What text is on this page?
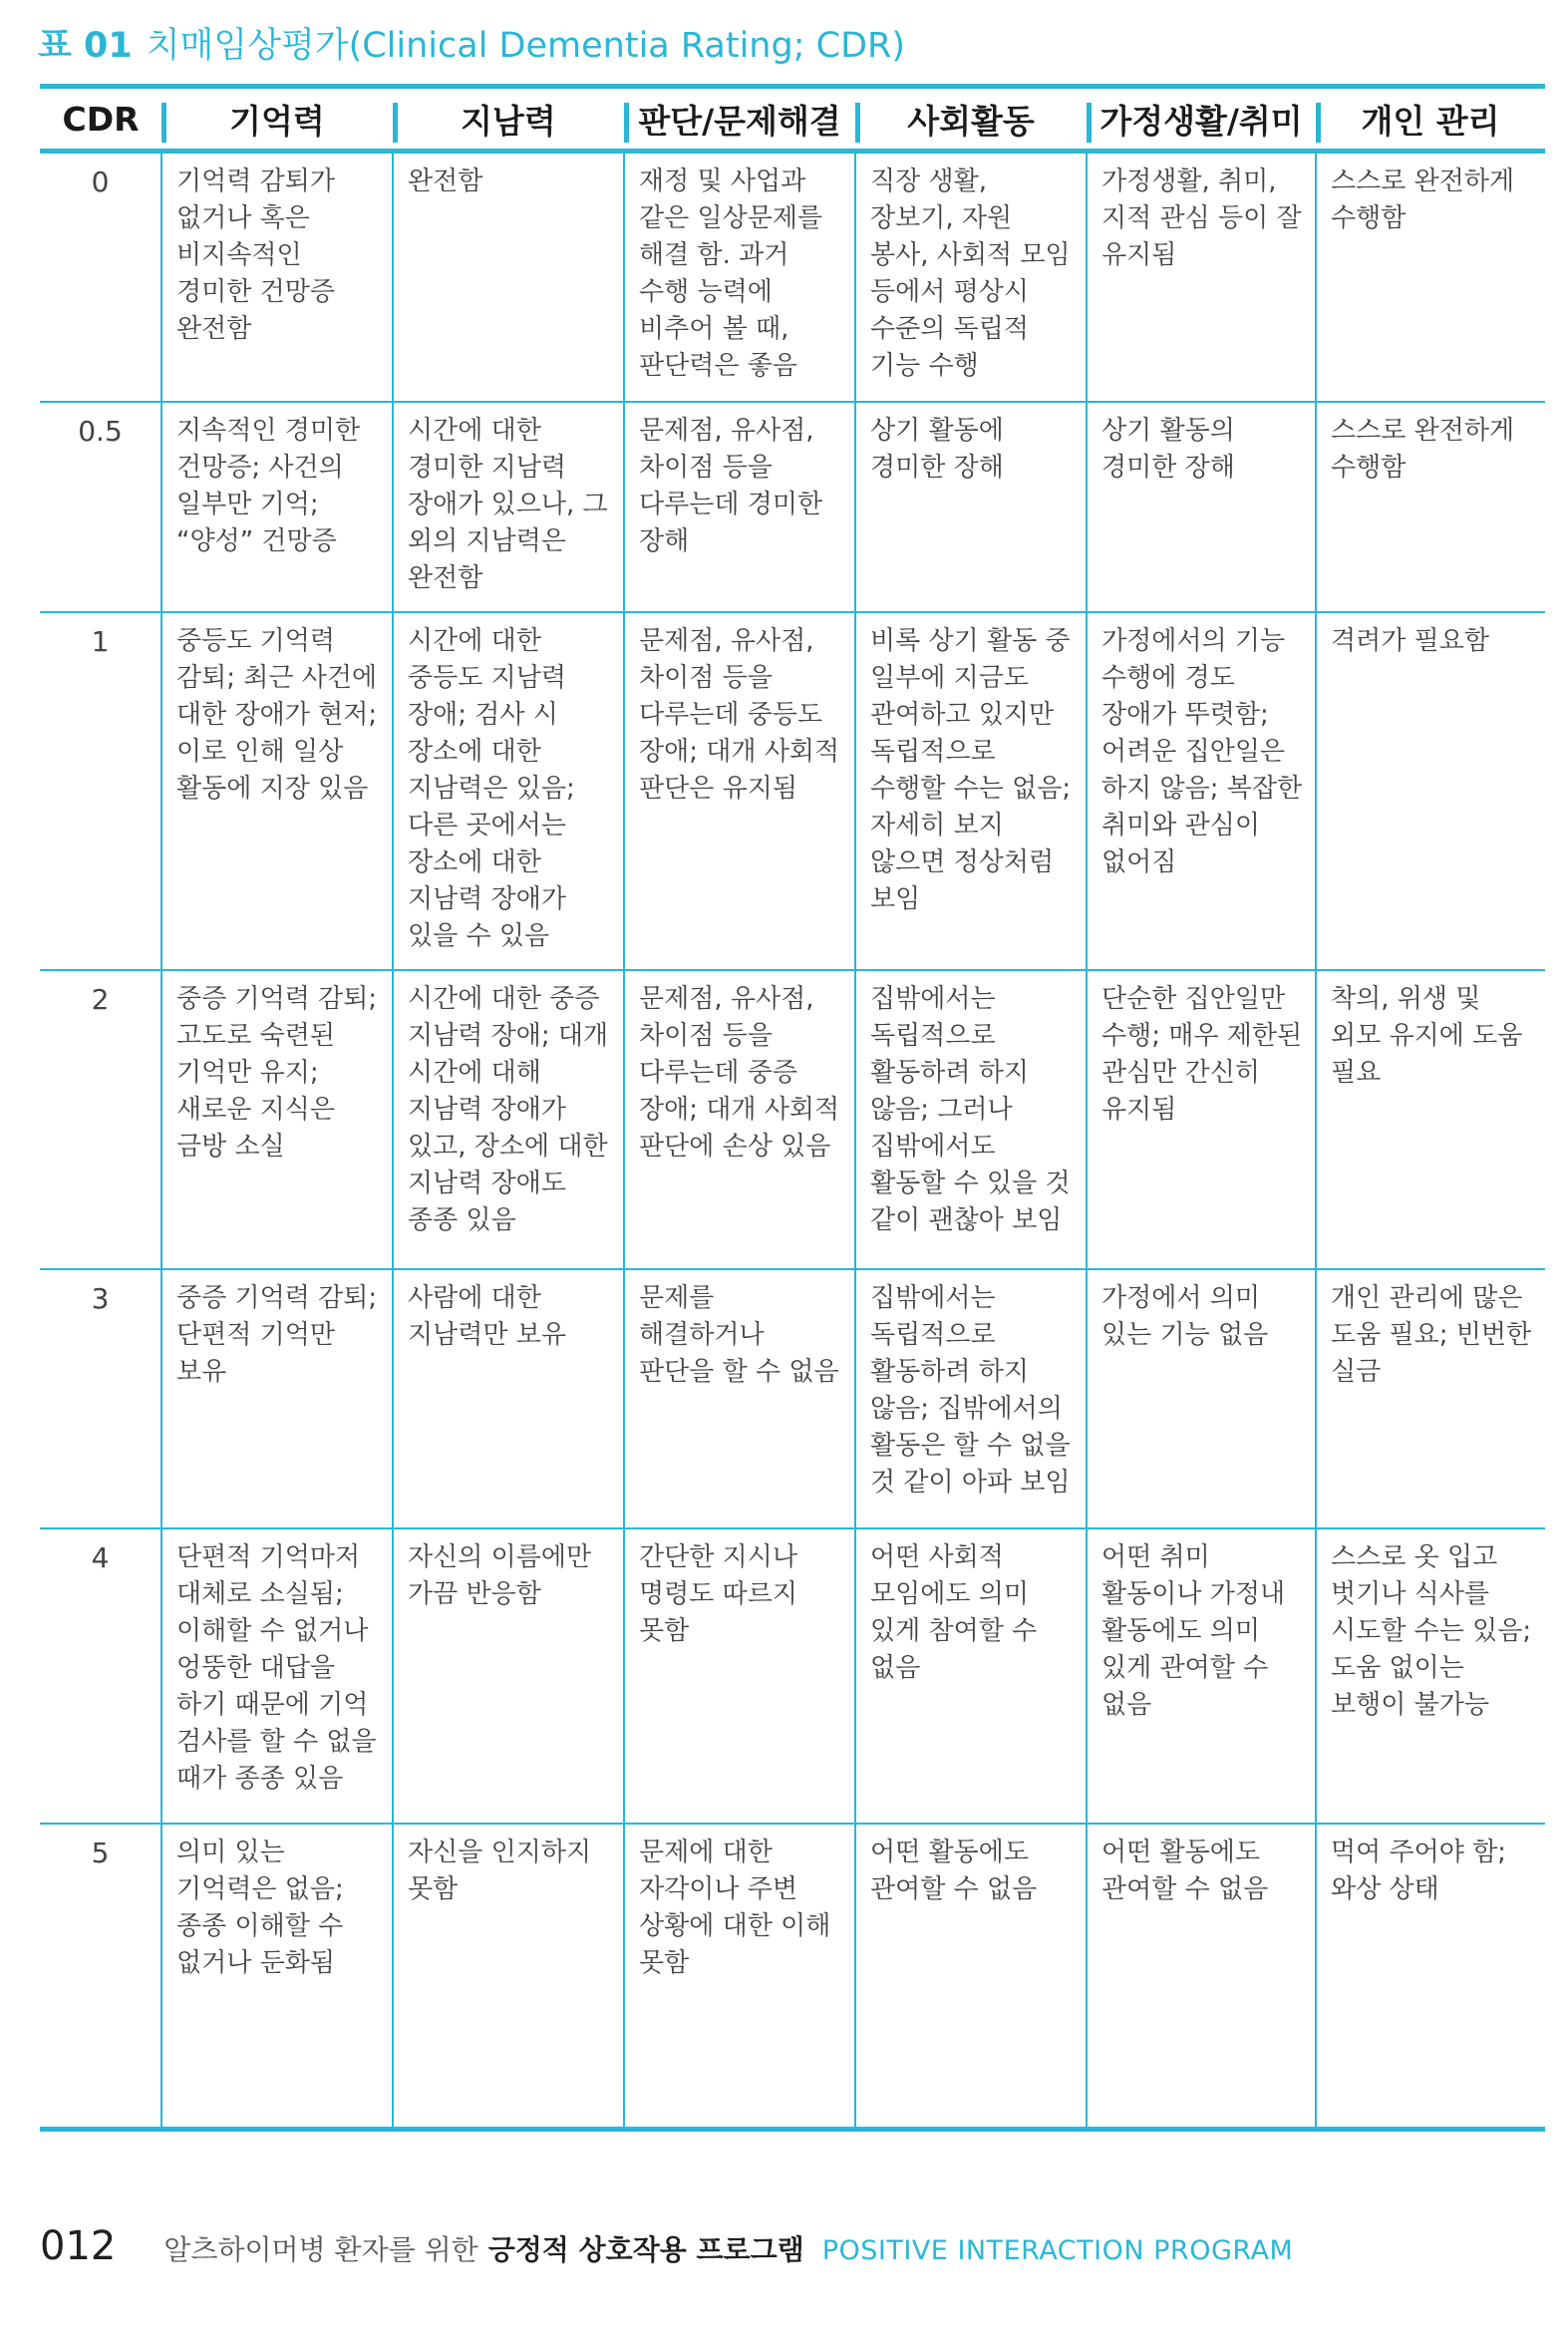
표 01 치매임상평가(Clinical Dementia Rating; CDR)
CDR	기억력	지남력	판단/문제해결	사회활동	가정생활/취미	개인 관리
0	기억력 감퇴가 없거나 혹은 비지속적인 경미한 건망증 완전함	완전함	재정 및 사업과 같은 일상문제를 해결 함. 과거 수행 능력에 비추어 볼 때, 판단력은 좋음	직장 생활, 장보기, 자원 봉사, 사회적 모임 등에서 평상시 수준의 독립적 기능 수행	가정생활, 취미, 지적 관심 등이 잘 유지됨	스스로 완전하게 수행함
0.5	지속적인 경미한 건망증; 사건의 일부만 기억; “양성” 건망증	시간에 대한 경미한 지남력 장애가 있으나, 그 외의 지남력은 완전함	문제점, 유사점, 차이점 등을 다루는데 경미한 장해	상기 활동에 경미한 장해	상기 활동의 경미한 장해	스스로 완전하게 수행함
1	중등도 기억력 감퇴; 최근 사건에 대한 장애가 현저; 이로 인해 일상 활동에 지장 있음	시간에 대한 중등도 지남력 장애; 검사 시 장소에 대한 지남력은 있음; 다른 곳에서는 장소에 대한 지남력 장애가 있을 수 있음	문제점, 유사점, 차이점 등을 다루는데 중등도 장애; 대개 사회적 판단은 유지됨	비록 상기 활동 중 일부에 지금도 관여하고 있지만 독립적으로 수행할 수는 없음; 자세히 보지 않으면 정상처럼 보임	가정에서의 기능 수행에 경도 장애가 뚜렷함; 어려운 집안일은 하지 않음; 복잡한 취미와 관심이 없어짐	격려가 필요함
2	중증 기억력 감퇴; 고도로 숙련된 기억만 유지; 새로운 지식은 금방 소실	시간에 대한 중증 지남력 장애; 대개 시간에 대해 지남력 장애가 있고, 장소에 대한 지남력 장애도 종종 있음	문제점, 유사점, 차이점 등을 다루는데 중증 장애; 대개 사회적 판단에 손상 있음	집밖에서는 독립적으로 활동하려 하지 않음; 그러나 집밖에서도 활동할 수 있을 것 같이 괜찮아 보임	단순한 집안일만 수행; 매우 제한된 관심만 간신히 유지됨	착의, 위생 및 외모 유지에 도움 필요
3	중증 기억력 감퇴; 단편적 기억만 보유	사람에 대한 지남력만 보유	문제를 해결하거나 판단을 할 수 없음	집밖에서는 독립적으로 활동하려 하지 않음; 집밖에서의 활동은 할 수 없을 것 같이 아파 보임	가정에서 의미 있는 기능 없음	개인 관리에 많은 도움 필요; 빈번한 실금
4	단편적 기억마저 대체로 소실됨; 이해할 수 없거나 엉뚱한 대답을 하기 때문에 기억 검사를 할 수 없을 때가 종종 있음	자신의 이름에만 가끔 반응함	간단한 지시나 명령도 따르지 못함	어떤 사회적 모임에도 의미 있게 참여할 수 없음	어떤 취미 활동이나 가정내 활동에도 의미 있게 관여할 수 없음	스스로 옷 입고 벗기나 식사를 시도할 수는 있음; 도움 없이는 보행이 불가능
5	의미 있는 기억력은 없음; 종종 이해할 수 없거나 둔화됨	자신을 인지하지 못함	문제에 대한 자각이나 주변 상황에 대한 이해 못함	어떤 활동에도 관여할 수 없음	어떤 활동에도 관여할 수 없음	먹여 주어야 함; 와상 상태
012 알츠하이머병 환자를 위한 긍정적 상호작용 프로그램 POSITIVE INTERACTION PROGRAM
